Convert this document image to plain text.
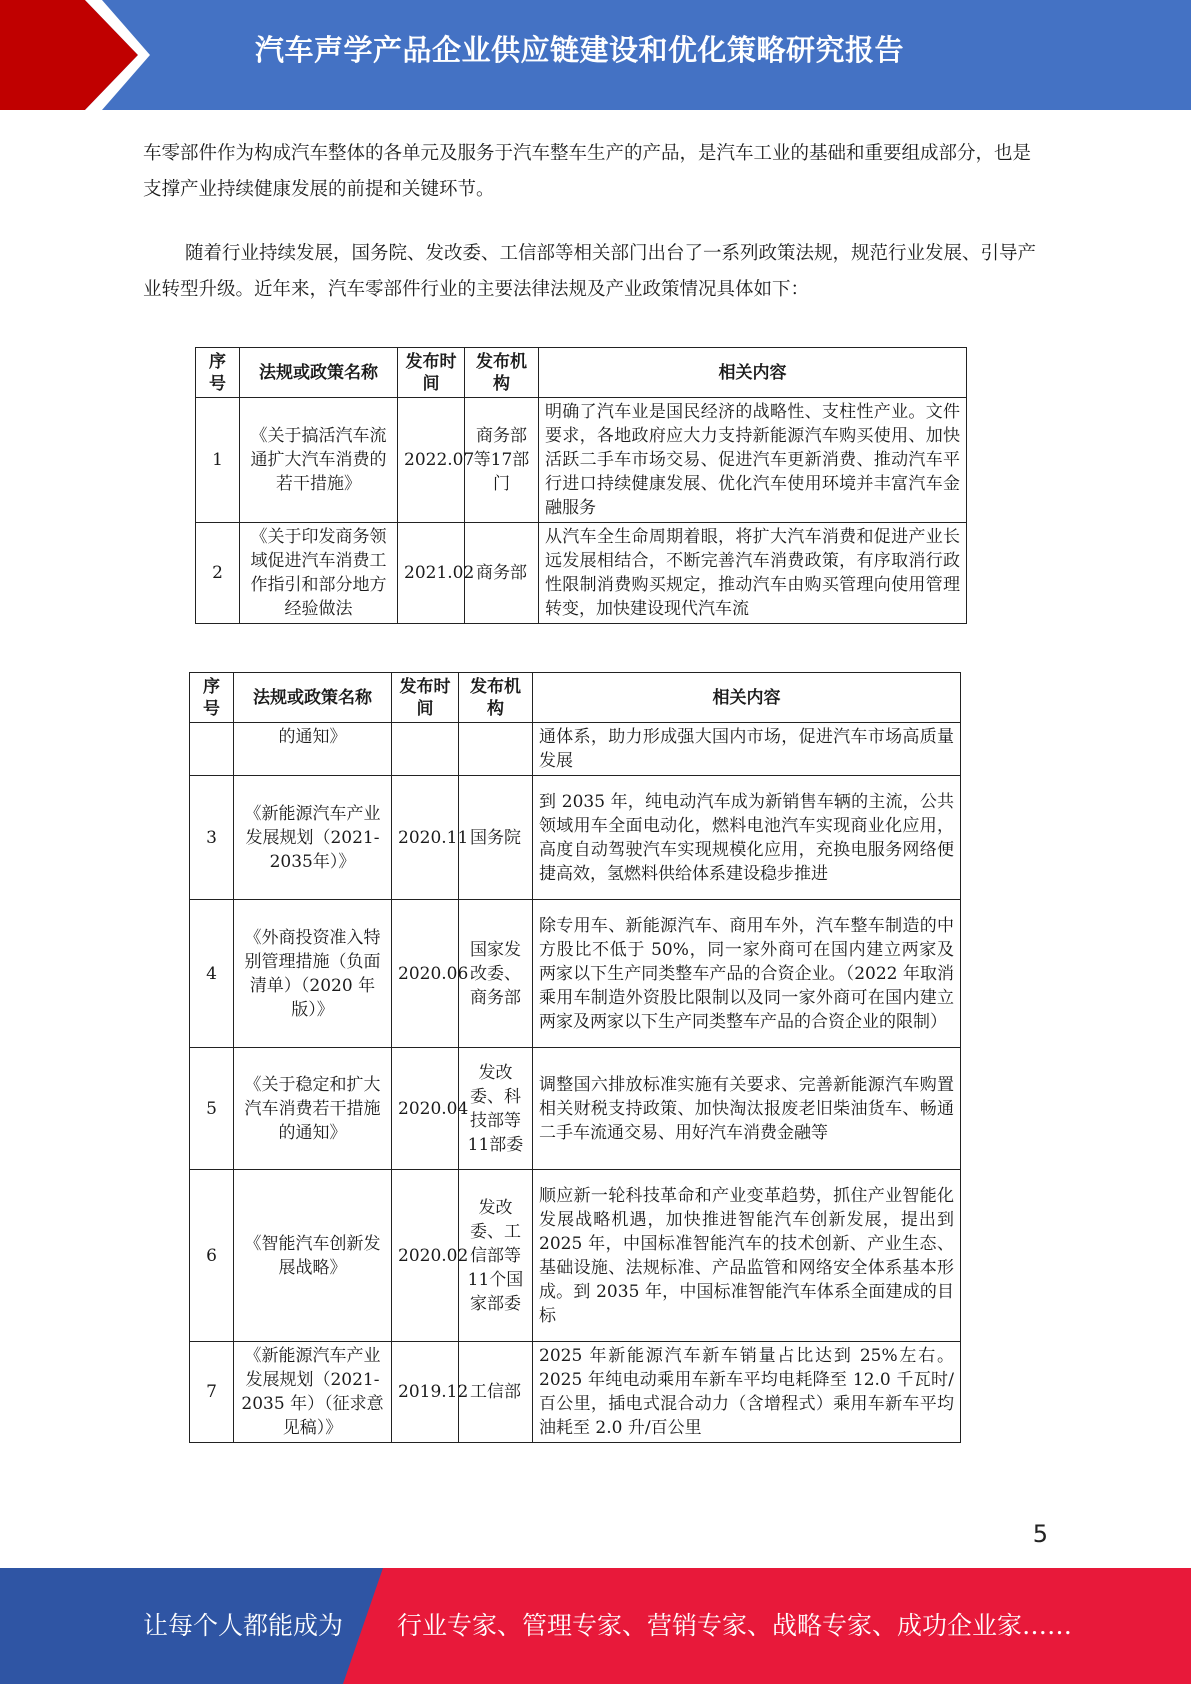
汽车声学产品企业供应链建设和优化策略研究报告

车零部件作为构成汽车整体的各单元及服务于汽车整车生产的产品，是汽车工业的基础和重要组成部分，也是支撑产业持续健康发展的前提和关键环节。

随着行业持续发展，国务院、发改委、工信部等相关部门出台了一系列政策法规，规范行业发展、引导产业转型升级。近年来，汽车零部件行业的主要法律法规及产业政策情况具体如下：

序号	法规或政策名称	发布时间	发布机构	相关内容
1	《关于搞活汽车流通扩大汽车消费的若干措施》	2022.07	商务部等17部门	明确了汽车业是国民经济的战略性、支柱性产业。文件要求，各地政府应大力支持新能源汽车购买使用、加快活跃二手车市场交易、促进汽车更新消费、推动汽车平行进口持续健康发展、优化汽车使用环境并丰富汽车金融服务
2	《关于印发商务领域促进汽车消费工作指引和部分地方经验做法	2021.02	商务部	从汽车全生命周期着眼，将扩大汽车消费和促进产业长远发展相结合，不断完善汽车消费政策，有序取消行政性限制消费购买规定，推动汽车由购买管理向使用管理转变，加快建设现代汽车流
序号	法规或政策名称	发布时间	发布机构	相关内容
	的通知》			通体系，助力形成强大国内市场，促进汽车市场高质量发展
3	《新能源汽车产业发展规划（2021-2035年）》	2020.11	国务院	到 2035 年，纯电动汽车成为新销售车辆的主流，公共领域用车全面电动化，燃料电池汽车实现商业化应用，高度自动驾驶汽车实现规模化应用，充换电服务网络便捷高效，氢燃料供给体系建设稳步推进
4	《外商投资准入特别管理措施（负面清单）（2020 年版）》	2020.06	国家发改委、商务部	除专用车、新能源汽车、商用车外，汽车整车制造的中方股比不低于 50%，同一家外商可在国内建立两家及两家以下生产同类整车产品的合资企业。（2022 年取消乘用车制造外资股比限制以及同一家外商可在国内建立两家及两家以下生产同类整车产品的合资企业的限制）
5	《关于稳定和扩大汽车消费若干措施的通知》	2020.04	发改委、科技部等11部委	调整国六排放标准实施有关要求、完善新能源汽车购置相关财税支持政策、加快淘汰报废老旧柴油货车、畅通二手车流通交易、用好汽车消费金融等
6	《智能汽车创新发展战略》	2020.02	发改委、工信部等11个国家部委	顺应新一轮科技革命和产业变革趋势，抓住产业智能化发展战略机遇，加快推进智能汽车创新发展，提出到 2025 年，中国标准智能汽车的技术创新、产业生态、基础设施、法规标准、产品监管和网络安全体系基本形成。到 2035 年，中国标准智能汽车体系全面建成的目标
7	《新能源汽车产业发展规划（2021-2035 年）（征求意见稿）》	2019.12	工信部	2025 年新能源汽车新车销量占比达到 25%左右。2025 年纯电动乘用车新车平均电耗降至 12.0 千瓦时/百公里，插电式混合动力（含增程式）乘用车新车平均油耗至 2.0 升/百公里
5
让每个人都能成为 行业专家、管理专家、营销专家、战略专家、成功企业家……
